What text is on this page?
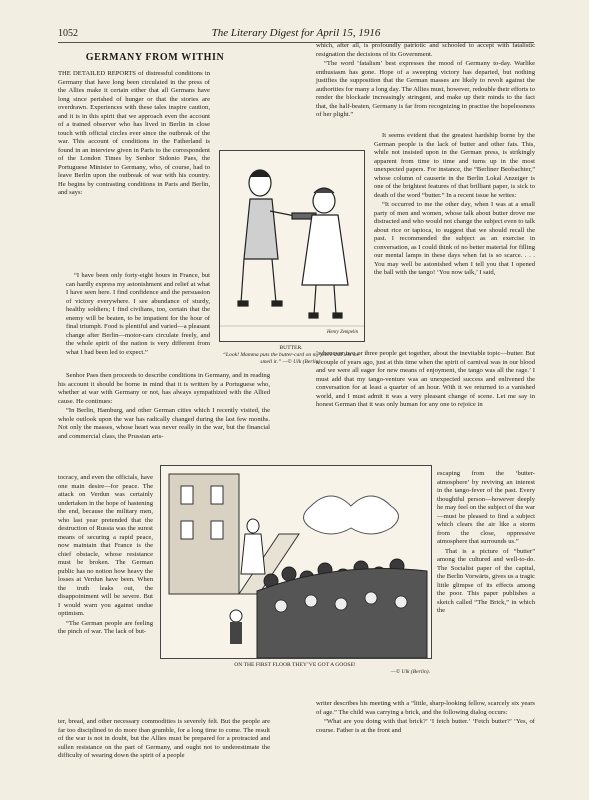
1052	The Literary Digest for April 15, 1916
GERMANY FROM WITHIN

THE DETAILED REPORTS of distressful conditions in Germany that have long been circulated in the press of the Allies make it certain either that all Germans have long since perished of hunger or that the stories are overdrawn. Experiences with these tales inspire caution, and it is in this spirit that we approach even the account of a trained observer who has lived in Berlin in close touch with official circles ever since the outbreak of the war. This account of conditions in the Fatherland is found in an interview given in Paris to the correspondent of the London Times by Senhor Sidonio Paes, the Portuguese Minister to Germany, who, of course, had to leave Berlin upon the outbreak of war with his country. He begins by contrasting conditions in Paris and Berlin, and says:

“I have been only forty-eight hours in France, but can hardly express my astonishment and relief at what I have seen here. I find confidence and the persuasion of victory everywhere. I see abundance of sturdy, healthy soldiers; I find civilians, too, certain that the enemy will be beaten, to be impatient for the hour of final triumph. Food is plentiful and varied—a pleasant change after Berlin—motor-cars circulate freely, and the whole spirit of the nation is very different from what I had been led to expect.”

Senhor Paes then proceeds to describe conditions in Germany, and in reading his account it should be borne in mind that it is written by a Portuguese who, whether at war with Germany or not, has always sympathized with the Allied cause. He continues:

“In Berlin, Hamburg, and other German cities which I recently visited, the whole outlook upon the war has radically changed during the last few months. Not only the masses, whose heart was never really in the war, but the financial and commercial class, the Prussian aris-

tocracy, and even the officials, have one main desire—for peace. The attack on Verdun was certainly undertaken in the hope of hastening the end, because the military men, who last year pretended that the destruction of Russia was the surest means of securing a rapid peace, now maintain that France is the chief obstacle, whose resistance must be broken. The German public has no notion how heavy the losses at Verdun have been. When the truth leaks out, the disappointment will be severe. But I would warn you against undue optimism.

“The German people are feeling the pinch of war. The lack of but-

ter, bread, and other necessary commodities is severely felt. But the people are far too disciplined to do more than grumble, for a long time to come. The result of the war is not in doubt, but the Allies must be prepared for a protracted and sullen resistance on the part of Germany, and ought not to underestimate the difficulty of wearing down the spirit of a people

which, after all, is profoundly patriotic and schooled to accept with fatalistic resignation the decisions of its Government.

“The word ‘fatalism’ best expresses the mood of Germany to-day. Warlike enthusiasm has gone. Hope of a sweeping victory has departed, but nothing justifies the supposition that the German masses are likely to revolt against the authorities for many a long day. The Allies must, however, redouble their efforts to render the blockade increasingly stringent, and make up their minds to the fact that, the half-beaten, Germany is far from recognizing in practise the hopelessness of her plight.”

It seems evident that the greatest hardship borne by the German people is the lack of butter and other fats. This, while not insisted upon in the German press, is strikingly apparent from time to time and turns up in the most unexpected papers. For instance, the “Berliner Beobachter,” whose column of causerie in the Berlin Lokal Anzeiger is one of the brightest features of that brilliant paper, is sick to death of the word “butter.” In a recent issue he writes:

“It occurred to me the other day, when I was at a small party of men and women, whose talk about butter drove me distracted and who would not change the subject even to talk about rice or tapioca, to suggest that we should recall the past. I recommended the subject as an exercise in conversation, as I could think of no better material for filling our mental lamps in these days when fat is so scarce. . . . You may well be astonished when I tell you that I opened the ball with the tango! ‘You now talk,’ I said,

‘whenever two or three people get together, about the inevitable topic—butter. But a couple of years ago, just at this time when the spirit of carnival was in our blood and we were all eager for new means of enjoyment, the tango was all the rage.’ I must add that my tango-venture was an unexpected success and enlivened the conversation for at least a quarter of an hour. With it we returned to a vanished world, and I must admit it was a very pleasant change of scene. Let me say in honest German that it was only human for any one to rejoice in

escaping from the ‘butter-atmosphere’ by reviving an interest in the tango-fever of the past. Every thoughtful person—however deeply he may feel on the subject of the war—must be pleased to find a subject which clears the air like a storm from the close, oppressive atmosphere that surrounds us.”

That is a picture of “butter” among the cultured and well-to-do. The Socialist paper of the capital, the Berlin Vorwärts, gives us a tragic little glimpse of its effects among the poor. This paper publishes a sketch called “The Brick,” in which the

writer describes his meeting with a “little, sharp-looking fellow, scarcely six years of age.” The child was carrying a brick, and the following dialog occurs:

“What are you doing with that brick?’ ‘I fetch butter.’ ‘Fetch butter?’ ‘Yes, of course. Father is at the front and

Henry Zempelin
BUTTER.
“Look! Mamma puts the butter-card on my piece and lets me smell it.” —© Ulk (Berlin).
ON THE FIRST FLOOR THEY’VE GOT A GOOSE!
—© Ulk (Berlin).
